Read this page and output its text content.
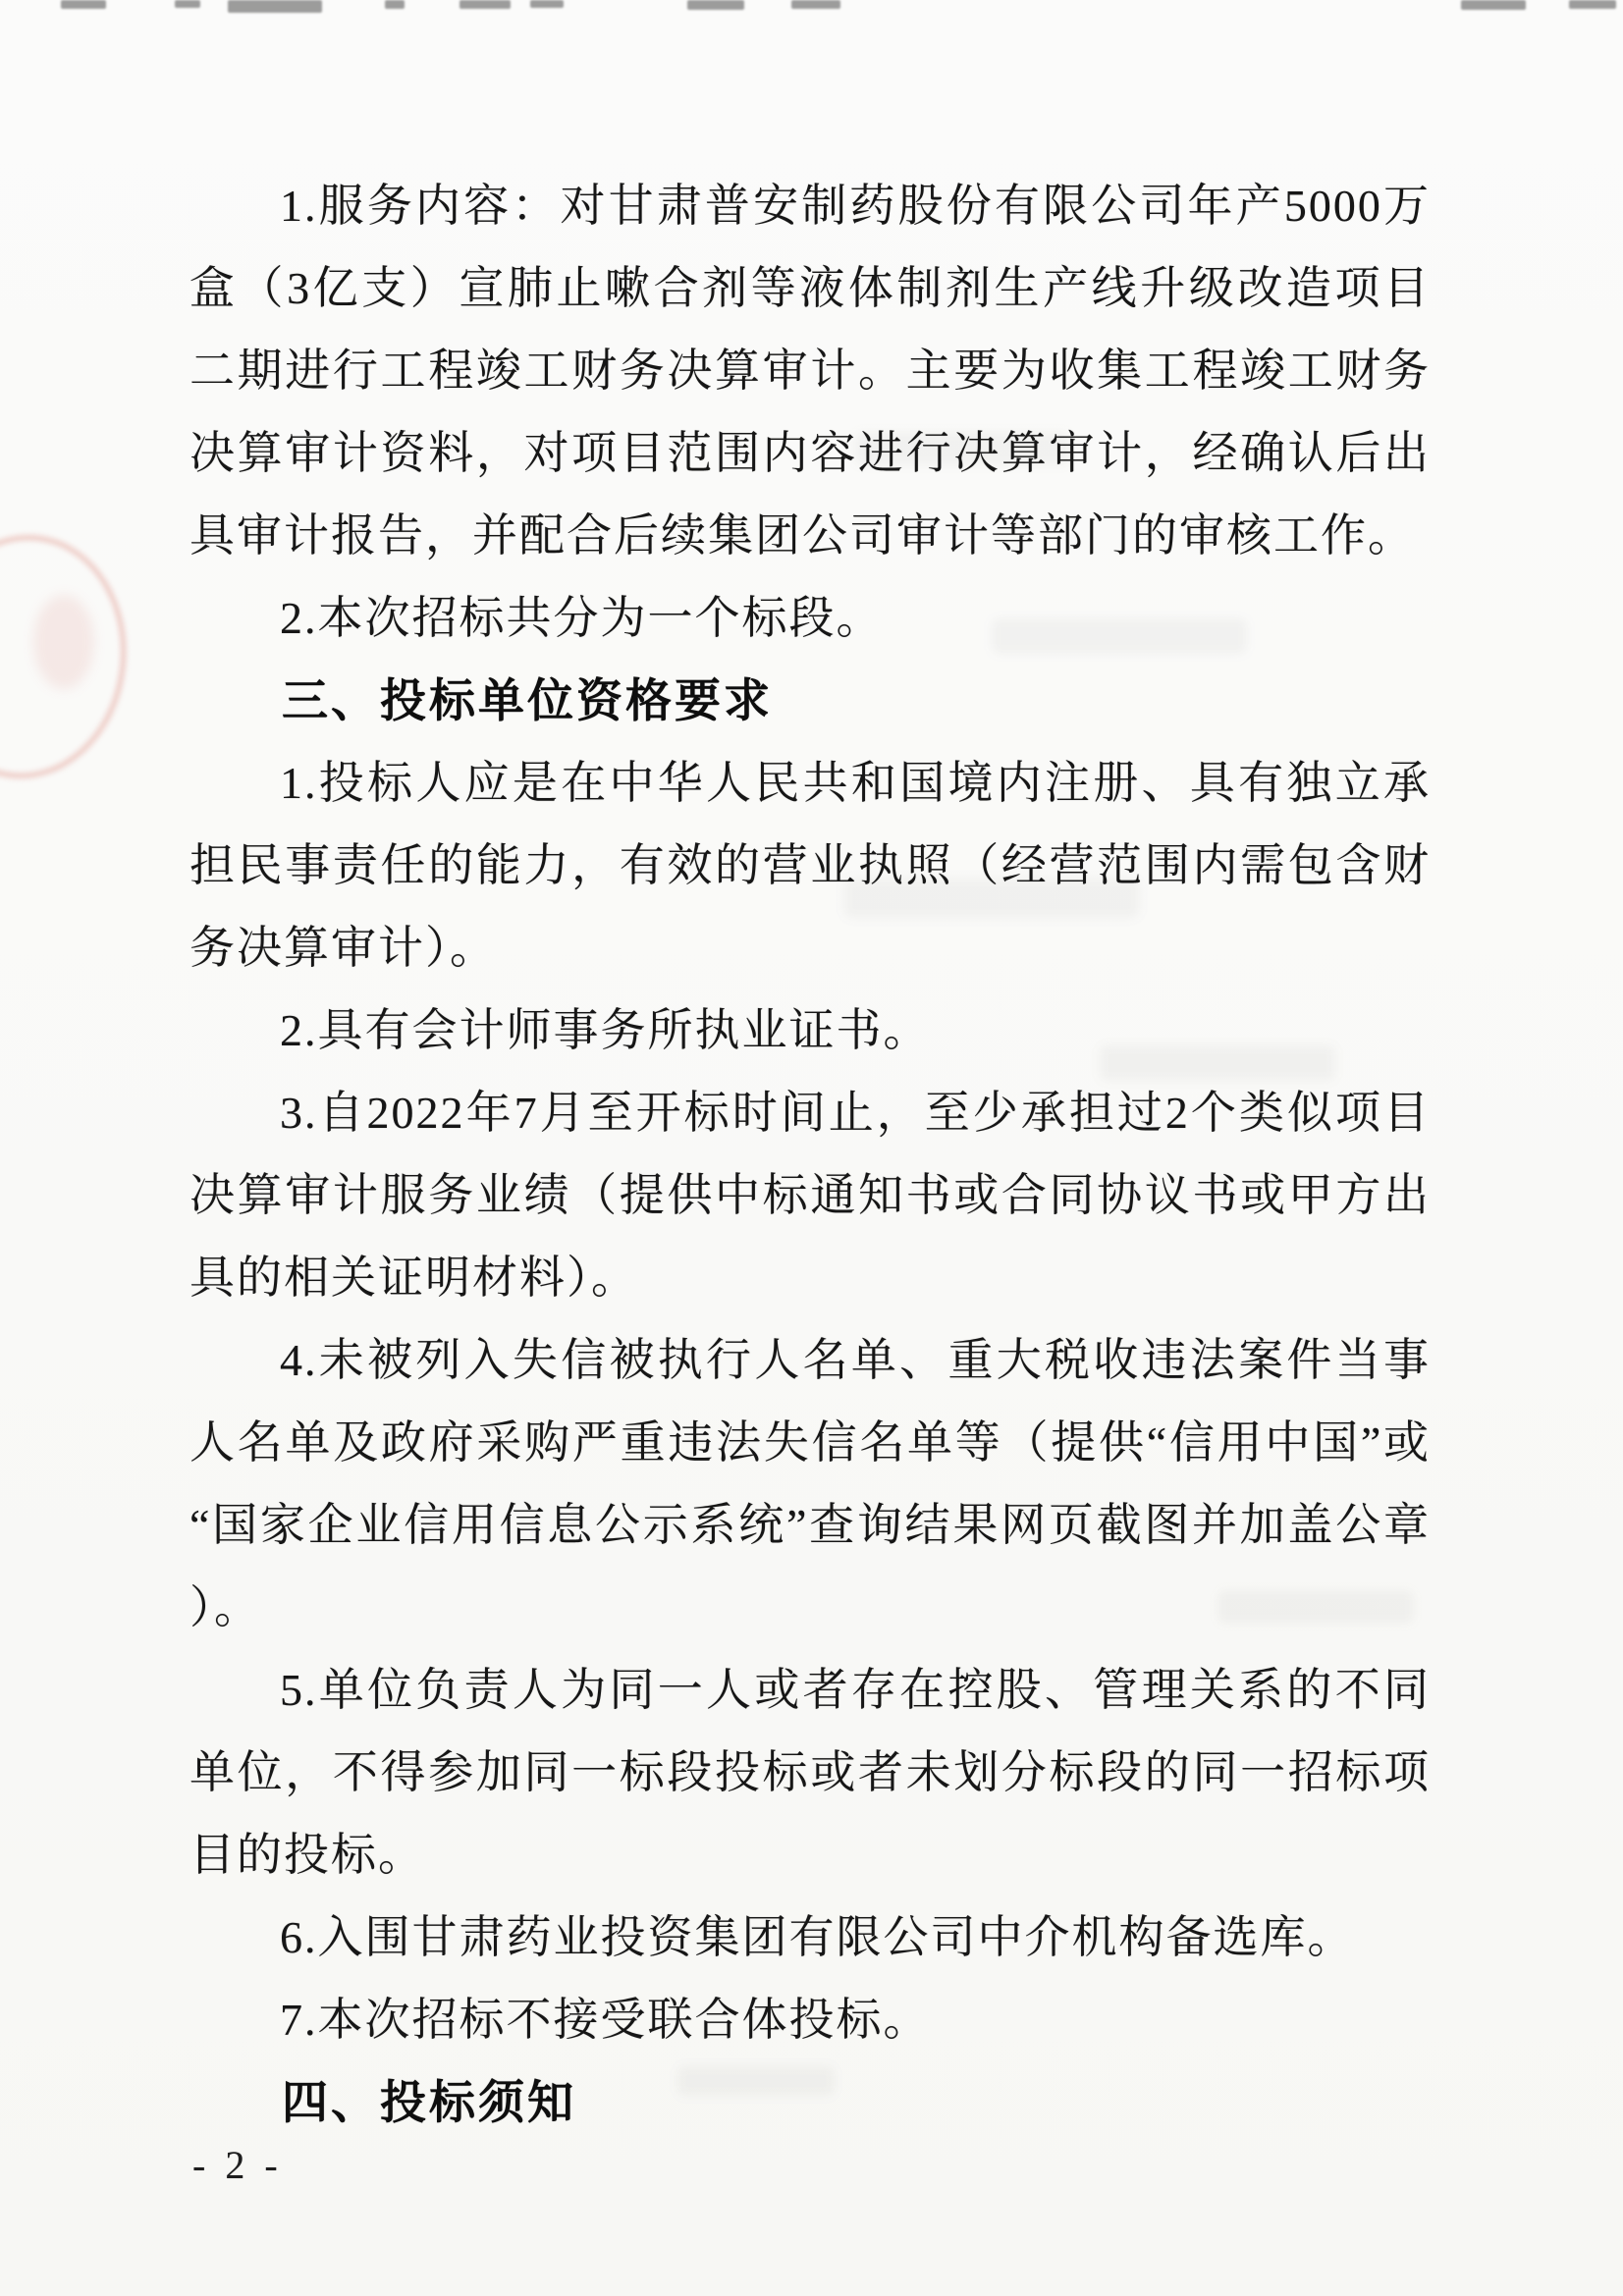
1.服务内容：对甘肃普安制药股份有限公司年产5000万盒（3亿支）宣肺止嗽合剂等液体制剂生产线升级改造项目二期进行工程竣工财务决算审计。主要为收集工程竣工财务决算审计资料，对项目范围内容进行决算审计，经确认后出具审计报告，并配合后续集团公司审计等部门的审核工作。

2.本次招标共分为一个标段。

三、投标单位资格要求

1.投标人应是在中华人民共和国境内注册、具有独立承担民事责任的能力，有效的营业执照（经营范围内需包含财务决算审计）。

2.具有会计师事务所执业证书。

3.自2022年7月至开标时间止，至少承担过2个类似项目决算审计服务业绩（提供中标通知书或合同协议书或甲方出具的相关证明材料）。

4.未被列入失信被执行人名单、重大税收违法案件当事人名单及政府采购严重违法失信名单等（提供“信用中国”或“国家企业信用信息公示系统”查询结果网页截图并加盖公章）。

5.单位负责人为同一人或者存在控股、管理关系的不同单位，不得参加同一标段投标或者未划分标段的同一招标项目的投标。

6.入围甘肃药业投资集团有限公司中介机构备选库。

7.本次招标不接受联合体投标。

四、投标须知

- 2 -
